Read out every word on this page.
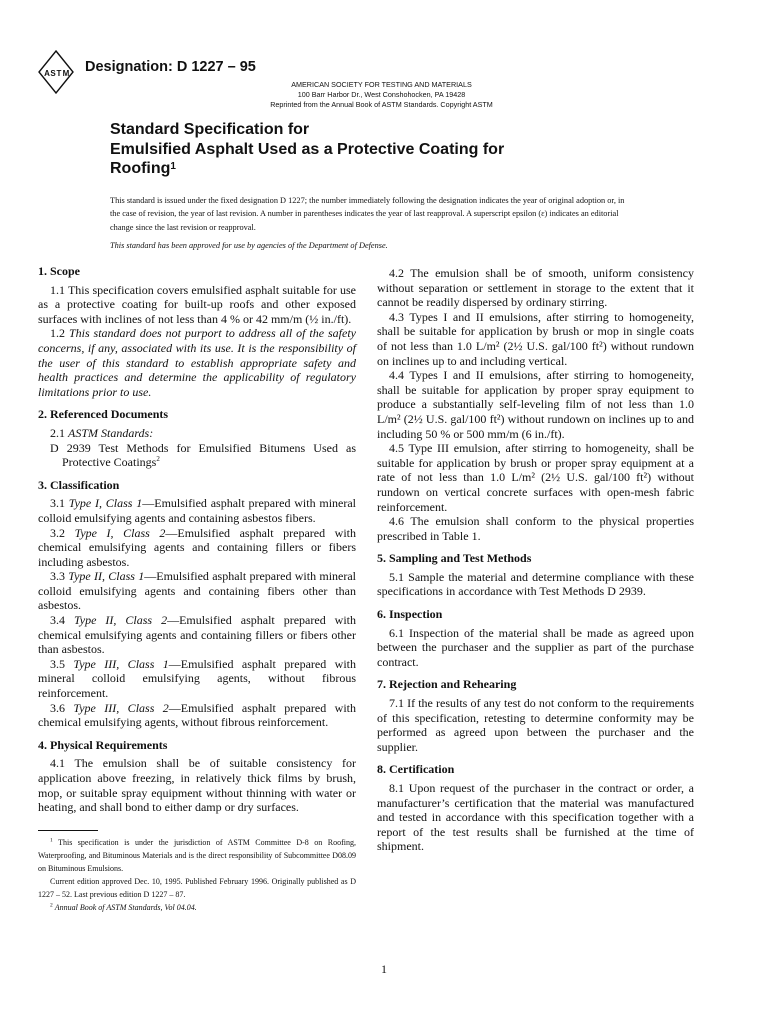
A S T M Designation: D 1227 – 95
AMERICAN SOCIETY FOR TESTING AND MATERIALS
100 Barr Harbor Dr., West Conshohocken, PA 19428
Reprinted from the Annual Book of ASTM Standards. Copyright ASTM
Standard Specification for
Emulsified Asphalt Used as a Protective Coating for
Roofing$^1$

This standard is issued under the fixed designation D 1227; the number immediately following the designation indicates the year of original adoption or, in the case of revision, the year of last revision. A number in parentheses indicates the year of last reapproval. A superscript epsilon (ε) indicates an editorial change since the last revision or reapproval.

This standard has been approved for use by agencies of the Department of Defense.

1. Scope

1.1 This specification covers emulsified asphalt suitable for use as a protective coating for built-up roofs and other exposed surfaces with inclines of not less than 4 % or 42 mm/m (½ in./ft).

1.2 This standard does not purport to address all of the safety concerns, if any, associated with its use. It is the responsibility of the user of this standard to establish appropriate safety and health practices and determine the applicability of regulatory limitations prior to use.

2. Referenced Documents

2.1 ASTM Standards:

D 2939 Test Methods for Emulsified Bitumens Used as Protective Coatings$^2$

3. Classification

3.1 Type I, Class 1—Emulsified asphalt prepared with mineral colloid emulsifying agents and containing asbestos fibers.

3.2 Type I, Class 2—Emulsified asphalt prepared with chemical emulsifying agents and containing fillers or fibers including asbestos.

3.3 Type II, Class 1—Emulsified asphalt prepared with mineral colloid emulsifying agents and containing fibers other than asbestos.

3.4 Type II, Class 2—Emulsified asphalt prepared with chemical emulsifying agents and containing fillers or fibers other than asbestos.

3.5 Type III, Class 1—Emulsified asphalt prepared with mineral colloid emulsifying agents, without fibrous reinforcement.

3.6 Type III, Class 2—Emulsified asphalt prepared with chemical emulsifying agents, without fibrous reinforcement.

4. Physical Requirements

4.1 The emulsion shall be of suitable consistency for application above freezing, in relatively thick films by brush, mop, or suitable spray equipment without thinning with water or heating, and shall bond to either damp or dry surfaces.

4.2 The emulsion shall be of smooth, uniform consistency without separation or settlement in storage to the extent that it cannot be readily dispersed by ordinary stirring.

4.3 Types I and II emulsions, after stirring to homogeneity, shall be suitable for application by brush or mop in single coats of not less than 1.0 L/m² (2½ U.S. gal/100 ft²) without rundown on inclines up to and including vertical.

4.4 Types I and II emulsions, after stirring to homogeneity, shall be suitable for application by proper spray equipment to produce a substantially self-leveling film of not less than 1.0 L/m² (2½ U.S. gal/100 ft²) without rundown on inclines up to and including 50 % or 500 mm/m (6 in./ft).

4.5 Type III emulsion, after stirring to homogeneity, shall be suitable for application by brush or proper spray equipment at a rate of not less than 1.0 L/m² (2½ U.S. gal/100 ft²) without rundown on vertical concrete surfaces with open-mesh fabric reinforcement.

4.6 The emulsion shall conform to the physical properties prescribed in Table 1.

5. Sampling and Test Methods

5.1 Sample the material and determine compliance with these specifications in accordance with Test Methods D 2939.

6. Inspection

6.1 Inspection of the material shall be made as agreed upon between the purchaser and the supplier as part of the purchase contract.

7. Rejection and Rehearing

7.1 If the results of any test do not conform to the requirements of this specification, retesting to determine conformity may be performed as agreed upon between the purchaser and the supplier.

8. Certification

8.1 Upon request of the purchaser in the contract or order, a manufacturer’s certification that the material was manufactured and tested in accordance with this specification together with a report of the test results shall be furnished at the time of shipment.

$^1$ This specification is under the jurisdiction of ASTM Committee D-8 on Roofing, Waterproofing, and Bituminous Materials and is the direct responsibility of Subcommittee D08.09 on Bituminous Emulsions.

Current edition approved Dec. 10, 1995. Published February 1996. Originally published as D 1227 – 52. Last previous edition D 1227 – 87.

$^2$ Annual Book of ASTM Standards, Vol 04.04.

1
